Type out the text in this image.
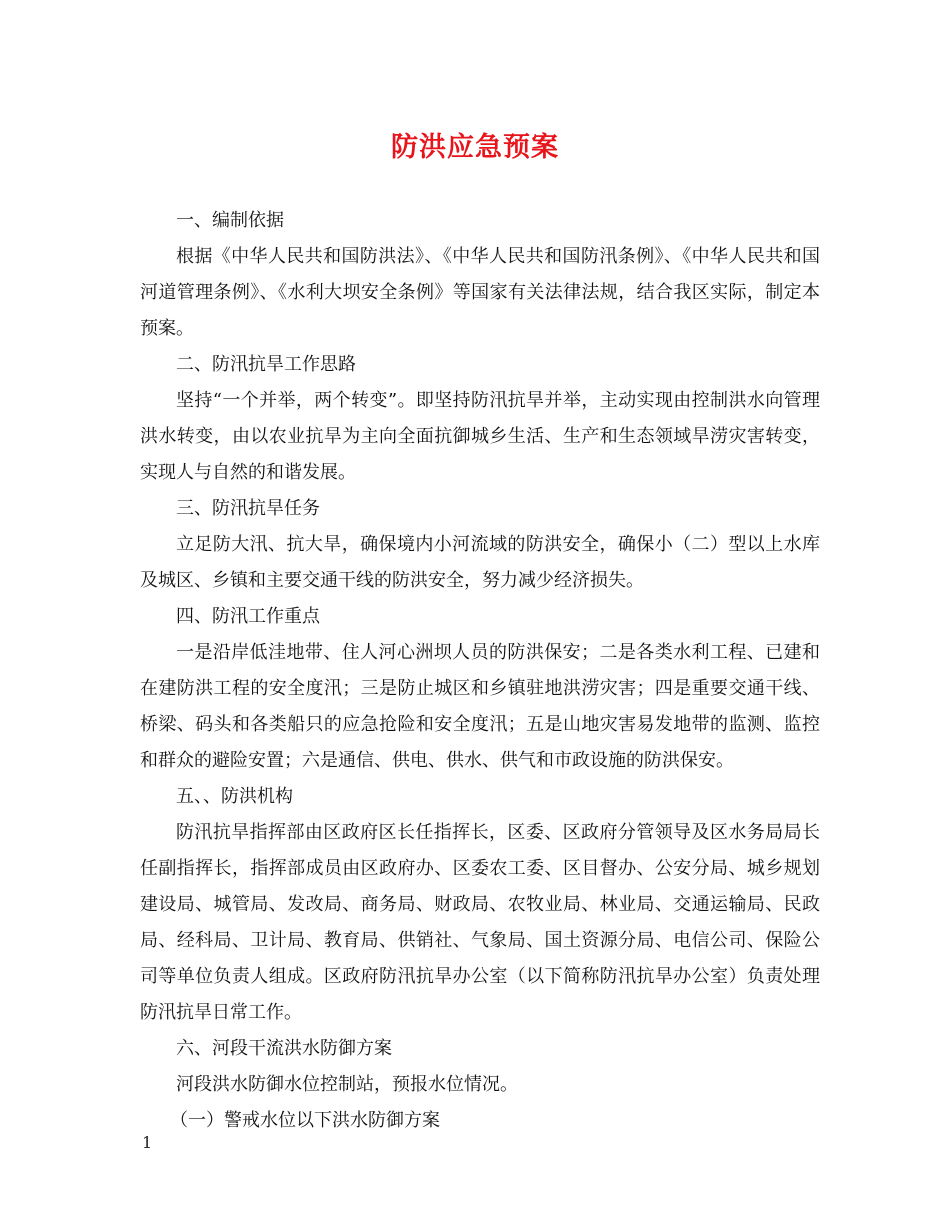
防洪应急预案

一、编制依据

根据《中华人民共和国防洪法》、《中华人民共和国防汛条例》、《中华人民共和国河道管理条例》、《水利大坝安全条例》等国家有关法律法规，结合我区实际，制定本预案。

二、防汛抗旱工作思路

坚持“一个并举，两个转变”。即坚持防汛抗旱并举，主动实现由控制洪水向管理洪水转变，由以农业抗旱为主向全面抗御城乡生活、生产和生态领域旱涝灾害转变，实现人与自然的和谐发展。

三、防汛抗旱任务

立足防大汛、抗大旱，确保境内小河流域的防洪安全，确保小（二）型以上水库及城区、乡镇和主要交通干线的防洪安全，努力减少经济损失。

四、防汛工作重点

一是沿岸低洼地带、住人河心洲坝人员的防洪保安；二是各类水利工程、已建和在建防洪工程的安全度汛；三是防止城区和乡镇驻地洪涝灾害；四是重要交通干线、桥梁、码头和各类船只的应急抢险和安全度汛；五是山地灾害易发地带的监测、监控和群众的避险安置；六是通信、供电、供水、供气和市政设施的防洪保安。

五、、防洪机构

防汛抗旱指挥部由区政府区长任指挥长，区委、区政府分管领导及区水务局局长任副指挥长，指挥部成员由区政府办、区委农工委、区目督办、公安分局、城乡规划建设局、城管局、发改局、商务局、财政局、农牧业局、林业局、交通运输局、民政局、经科局、卫计局、教育局、供销社、气象局、国土资源分局、电信公司、保险公司等单位负责人组成。区政府防汛抗旱办公室（以下简称防汛抗旱办公室）负责处理防汛抗旱日常工作。

六、河段干流洪水防御方案

河段洪水防御水位控制站，预报水位情况。

（一）警戒水位以下洪水防御方案

1
